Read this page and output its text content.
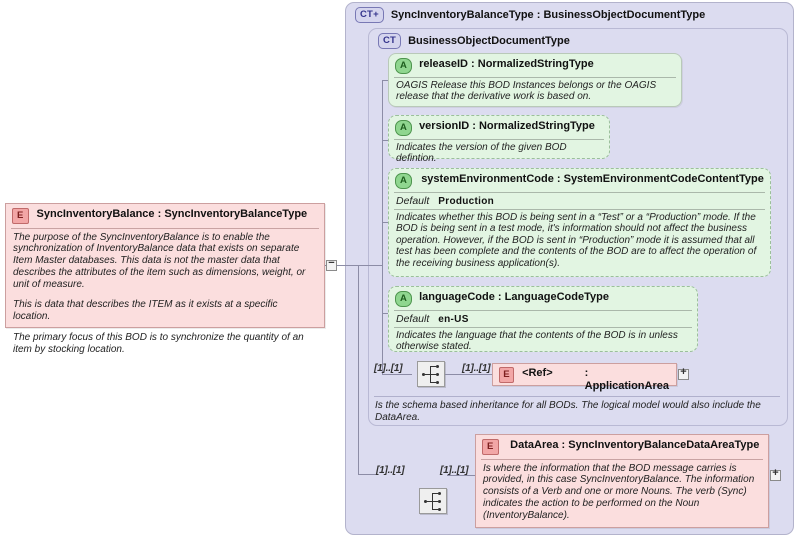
CT+	SyncInventoryBalanceType : BusinessObjectDocumentType
CT	BusinessObjectDocumentType
−
E	SyncInventoryBalance : SyncInventoryBalanceType

The purpose of the SyncInventoryBalance is to enable the synchronization of InventoryBalance data that exists on separate Item Master databases. This data is not the master data that describes the attributes of the item such as dimensions, weight, or unit of measure.

This is data that describes the ITEM as it exists at a specific location.

The primary focus of this BOD is to synchronize the quantity of an item by stocking location.

A	releaseID : NormalizedStringType
OAGIS Release this BOD Instances belongs or the OAGIS release that the derivative work is based on.
A	versionID : NormalizedStringType
Indicates the version of the given BOD defintion.
A	systemEnvironmentCode : SystemEnvironmentCodeContentType
Default Production
Indicates whether this BOD is being sent in a “Test” or a “Production” mode. If the BOD is being sent in a test mode, it's information should not affect the business operation. However, if the BOD is sent in “Production” mode it is assumed that all test has been complete and the contents of the BOD are to affect the operation of the receiving business application(s).
A	languageCode : LanguageCodeType
Default en-US
Indicates the language that the contents of the BOD is in unless otherwise stated.
[1]..[1]	[1]..[1]
E	<Ref>	: ApplicationArea
+
Is the schema based inheritance for all BODs. The logical model would also include the DataArea.
[1]..[1]	[1]..[1]
E	DataArea : SyncInventoryBalanceDataAreaType
Is where the information that the BOD message carries is provided, in this case SyncInventoryBalance. The information consists of a Verb and one or more Nouns. The verb (Sync) indicates the action to be performed on the Noun (InventoryBalance).
+
